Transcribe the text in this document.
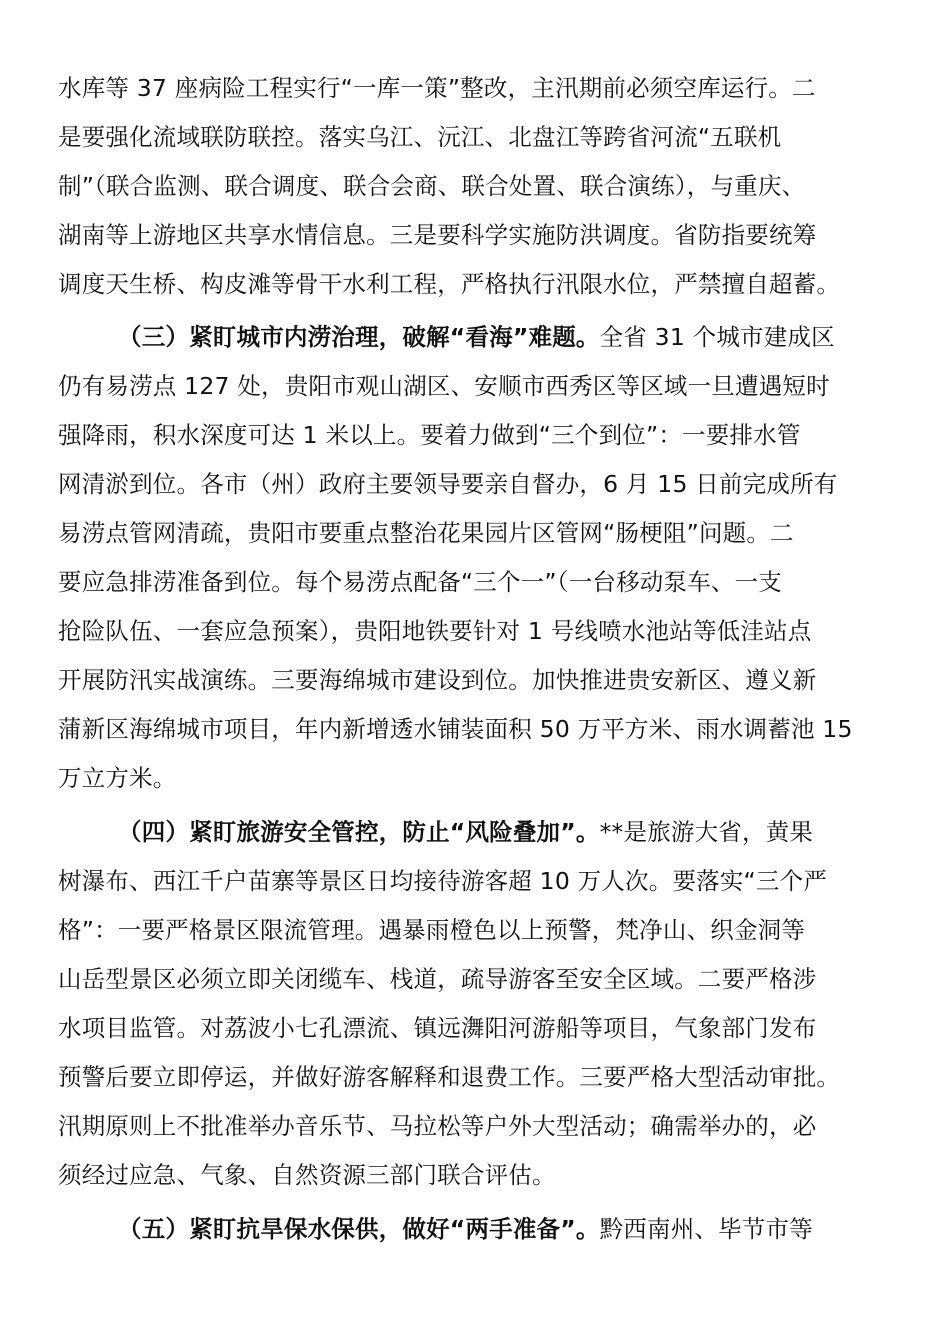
水库等 37 座病险工程实行“一库一策”整改，主汛期前必须空库运行。二
是要强化流域联防联控。落实乌江、沅江、北盘江等跨省河流“五联机
制”（联合监测、联合调度、联合会商、联合处置、联合演练），与重庆、
湖南等上游地区共享水情信息。三是要科学实施防洪调度。省防指要统筹
调度天生桥、构皮滩等骨干水利工程，严格执行汛限水位，严禁擅自超蓄。
（三）紧盯城市内涝治理，破解“看海”难题。全省 31 个城市建成区
仍有易涝点 127 处，贵阳市观山湖区、安顺市西秀区等区域一旦遭遇短时
强降雨，积水深度可达 1 米以上。要着力做到“三个到位”：一要排水管
网清淤到位。各市（州）政府主要领导要亲自督办，6 月 15 日前完成所有
易涝点管网清疏，贵阳市要重点整治花果园片区管网“肠梗阻”问题。二
要应急排涝准备到位。每个易涝点配备“三个一”（一台移动泵车、一支
抢险队伍、一套应急预案），贵阳地铁要针对 1 号线喷水池站等低洼站点
开展防汛实战演练。三要海绵城市建设到位。加快推进贵安新区、遵义新
蒲新区海绵城市项目，年内新增透水铺装面积 50 万平方米、雨水调蓄池 15
万立方米。
（四）紧盯旅游安全管控，防止“风险叠加”。**是旅游大省，黄果
树瀑布、西江千户苗寨等景区日均接待游客超 10 万人次。要落实“三个严
格”：一要严格景区限流管理。遇暴雨橙色以上预警，梵净山、织金洞等
山岳型景区必须立即关闭缆车、栈道，疏导游客至安全区域。二要严格涉
水项目监管。对荔波小七孔漂流、镇远㵲阳河游船等项目，气象部门发布
预警后要立即停运，并做好游客解释和退费工作。三要严格大型活动审批。
汛期原则上不批准举办音乐节、马拉松等户外大型活动；确需举办的，必
须经过应急、气象、自然资源三部门联合评估。
（五）紧盯抗旱保水保供，做好“两手准备”。黔西南州、毕节市等
